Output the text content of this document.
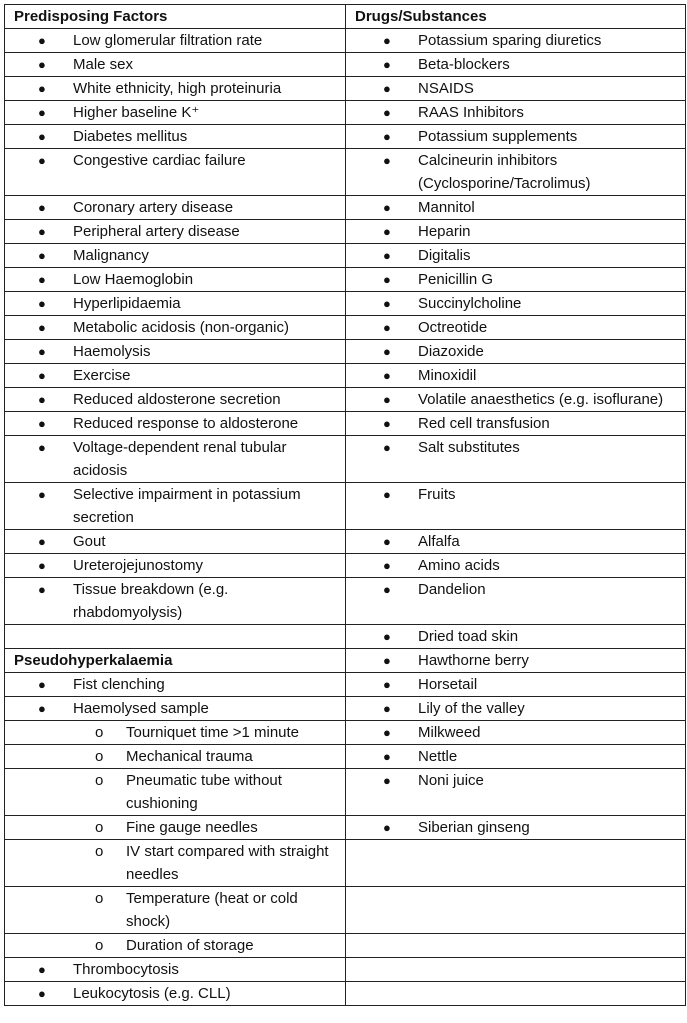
Predisposing Factors	Drugs/Substances

● Low glomerular filtration rate	● Potassium sparing diuretics

● Male sex	● Beta-blockers

● White ethnicity, high proteinuria	● NSAIDS

● Higher baseline K⁺	● RAAS Inhibitors

● Diabetes mellitus	● Potassium supplements

● Congestive cardiac failure	● Calcineurin inhibitors (Cyclosporine/Tacrolimus)

● Coronary artery disease	● Mannitol

● Peripheral artery disease	● Heparin

● Malignancy	● Digitalis

● Low Haemoglobin	● Penicillin G

● Hyperlipidaemia	● Succinylcholine

● Metabolic acidosis (non-organic)	● Octreotide

● Haemolysis	● Diazoxide

● Exercise	● Minoxidil

● Reduced aldosterone secretion	● Volatile anaesthetics (e.g. isoflurane)

● Reduced response to aldosterone	● Red cell transfusion

● Voltage-dependent renal tubular acidosis	● Salt substitutes

● Selective impairment in potassium secretion	● Fruits

● Gout	● Alfalfa

● Ureterojejunostomy	● Amino acids

● Tissue breakdown (e.g. rhabdomyolysis)	● Dandelion

	● Dried toad skin

Pseudohyperkalaemia	● Hawthorne berry

● Fist clenching	● Horsetail

● Haemolysed sample	● Lily of the valley

o Tourniquet time >1 minute	● Milkweed

o Mechanical trauma	● Nettle

o Pneumatic tube without cushioning	● Noni juice

o Fine gauge needles	● Siberian ginseng

o IV start compared with straight needles	

o Temperature (heat or cold shock)	

o Duration of storage	

● Thrombocytosis	

● Leukocytosis (e.g. CLL)	
